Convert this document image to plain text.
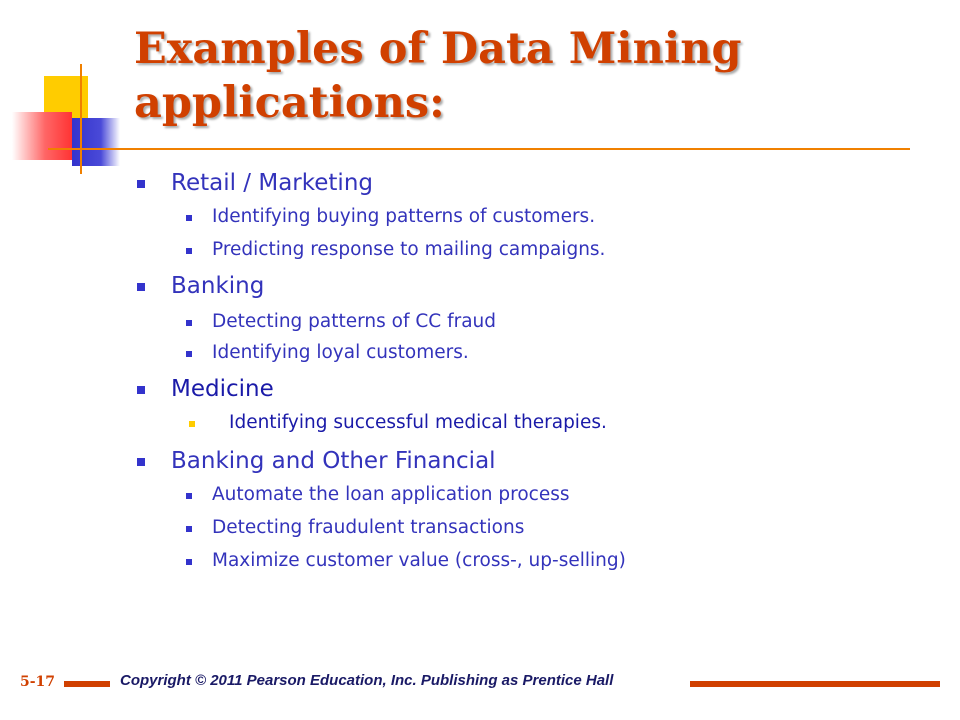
Examples of Data Mining applications:
Retail / Marketing
Identifying buying patterns of customers.
Predicting response to mailing campaigns.
Banking
Detecting patterns of CC fraud
Identifying loyal customers.
Medicine
Identifying successful medical therapies.
Banking and Other Financial
Automate the loan application process
Detecting fraudulent transactions
Maximize customer value (cross-, up-selling)
5-17	Copyright © 2011 Pearson Education, Inc. Publishing as Prentice Hall
